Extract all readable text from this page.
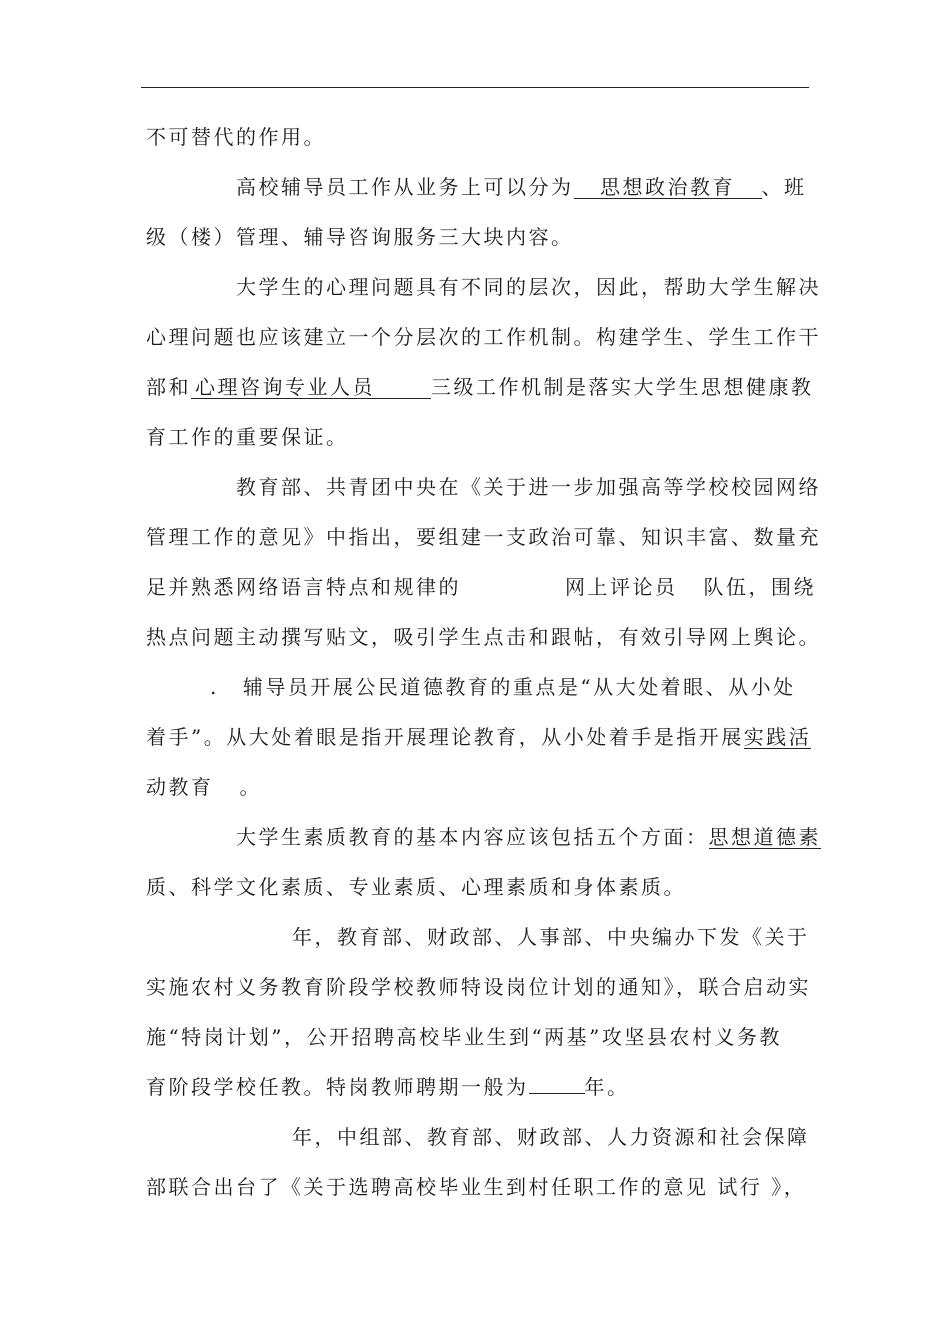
不可替代的作用。
高校辅导员工作从业务上可以分为 思想政治教育 、班
级（楼）管理、辅导咨询服务三大块内容。
大学生的心理问题具有不同的层次，因此，帮助大学生解决
心理问题也应该建立一个分层次的工作机制。构建学生、学生工作干
部和 心理咨询专业人员	三级工作机制是落实大学生思想健康教
育工作的重要保证。
教育部、共青团中央在《关于进一步加强高等学校校园网络
管理工作的意见》中指出，要组建一支政治可靠、知识丰富、数量充
足并熟悉网络语言特点和规律的	网上评论员 队伍，围绕
热点问题主动撰写贴文，吸引学生点击和跟帖，有效引导网上舆论。
. 辅导员开展公民道德教育的重点是“从大处着眼、从小处
着手”。从大处着眼是指开展理论教育，从小处着手是指开展实践活
动教育 。
大学生素质教育的基本内容应该包括五个方面：思想道德素
质、科学文化素质、专业素质、心理素质和身体素质。
年，教育部、财政部、人事部、中央编办下发《关于
实施农村义务教育阶段学校教师特设岗位计划的通知》，联合启动实
施“特岗计划”，公开招聘高校毕业生到“两基”攻坚县农村义务教
育阶段学校任教。特岗教师聘期一般为	年。
年，中组部、教育部、财政部、人力资源和社会保障
部联合出台了《关于选聘高校毕业生到村任职工作的意见 试行 》，
